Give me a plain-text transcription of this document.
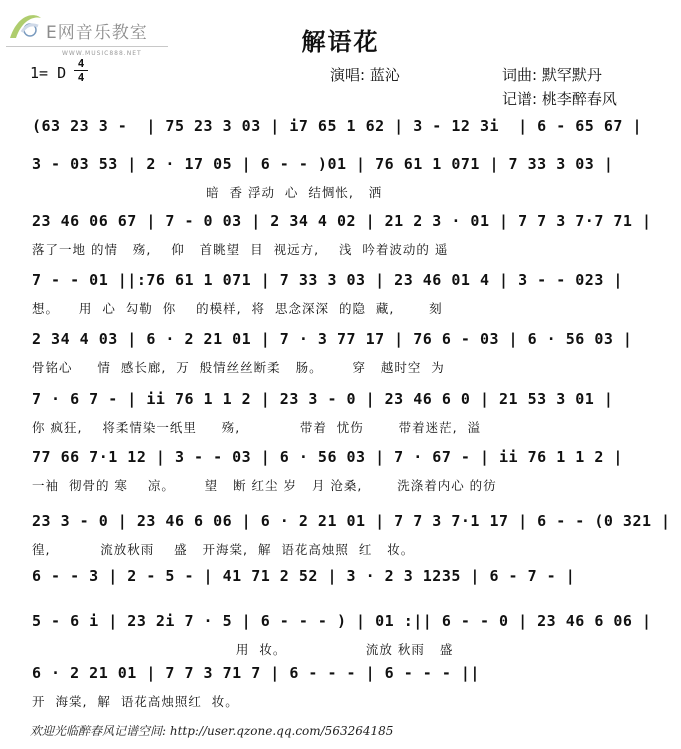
E网音乐教室
WWW.MUSIC888.NET	解语花
1= D
4
4	演唱: 蓝沁	词曲: 默罕默丹
记谱: 桃李醉春风
(63 23 3 -  | 75 23 3 03 | i7 65 1 62 | 3 - 12 3i  | 6 - 65 67 |
3 - 03 53 | 2 · 17 05 | 6 - - )01 | 76 61 1 071 | 7 33 3 03 |
暗  香 浮动  心  结惆怅,   洒
23 46 06 67 | 7 - 0 03 | 2 34 4 02 | 21 2 3 · 01 | 7 7 3 7·7 71 |
落了一地 的情   殇,    仰   首眺望  目  视远方,    浅  吟着波动的 遥
7 - - 01 ||:76 61 1 071 | 7 33 3 03 | 23 46 01 4 | 3 - - 023 |
想。    用  心  勾勒  你    的模样,  将  思念深深  的隐  藏,       刻
2 34 4 03 | 6 · 2 21 01 | 7 · 3 77 17 | 76 6 - 03 | 6 · 56 03 |
骨铭心     情  感长廊,  万  般情丝丝断柔   肠。      穿   越时空  为
7 · 6 7 - | ii 76 1 1 2 | 23 3 - 0 | 23 46 6 0 | 21 53 3 01 |
你 疯狂,    将柔情染一纸里     殇,            带着  忧伤       带着迷茫,  溢
77 66 7·1 12 | 3 - - 03 | 6 · 56 03 | 7 · 67 - | ii 76 1 1 2 |
一袖  彻骨的 寒    凉。      望   断 红尘 岁   月 沧桑,       洗涤着内心 的彷
23 3 - 0 | 23 46 6 06 | 6 · 2 21 01 | 7 7 3 7·1 17 | 6 - - (0 321 |
徨,          流放秋雨    盛   开海棠,  解  语花高烛照  红   妆。
6 - - 3 | 2 - 5 - | 41 71 2 52 | 3 · 2 3 1235 | 6 - 7 - |
5 - 6 i | 23 2i 7 · 5 | 6 - - - ) | 01 :|| 6 - - 0 | 23 46 6 06 |
用  妆。                流放 秋雨   盛
6 · 2 21 01 | 7 7 3 71 7 | 6 - - - | 6 - - - ||
开  海棠,  解  语花高烛照红  妆。
欢迎光临醉春风记谱空间: http://user.qzone.qq.com/563264185
